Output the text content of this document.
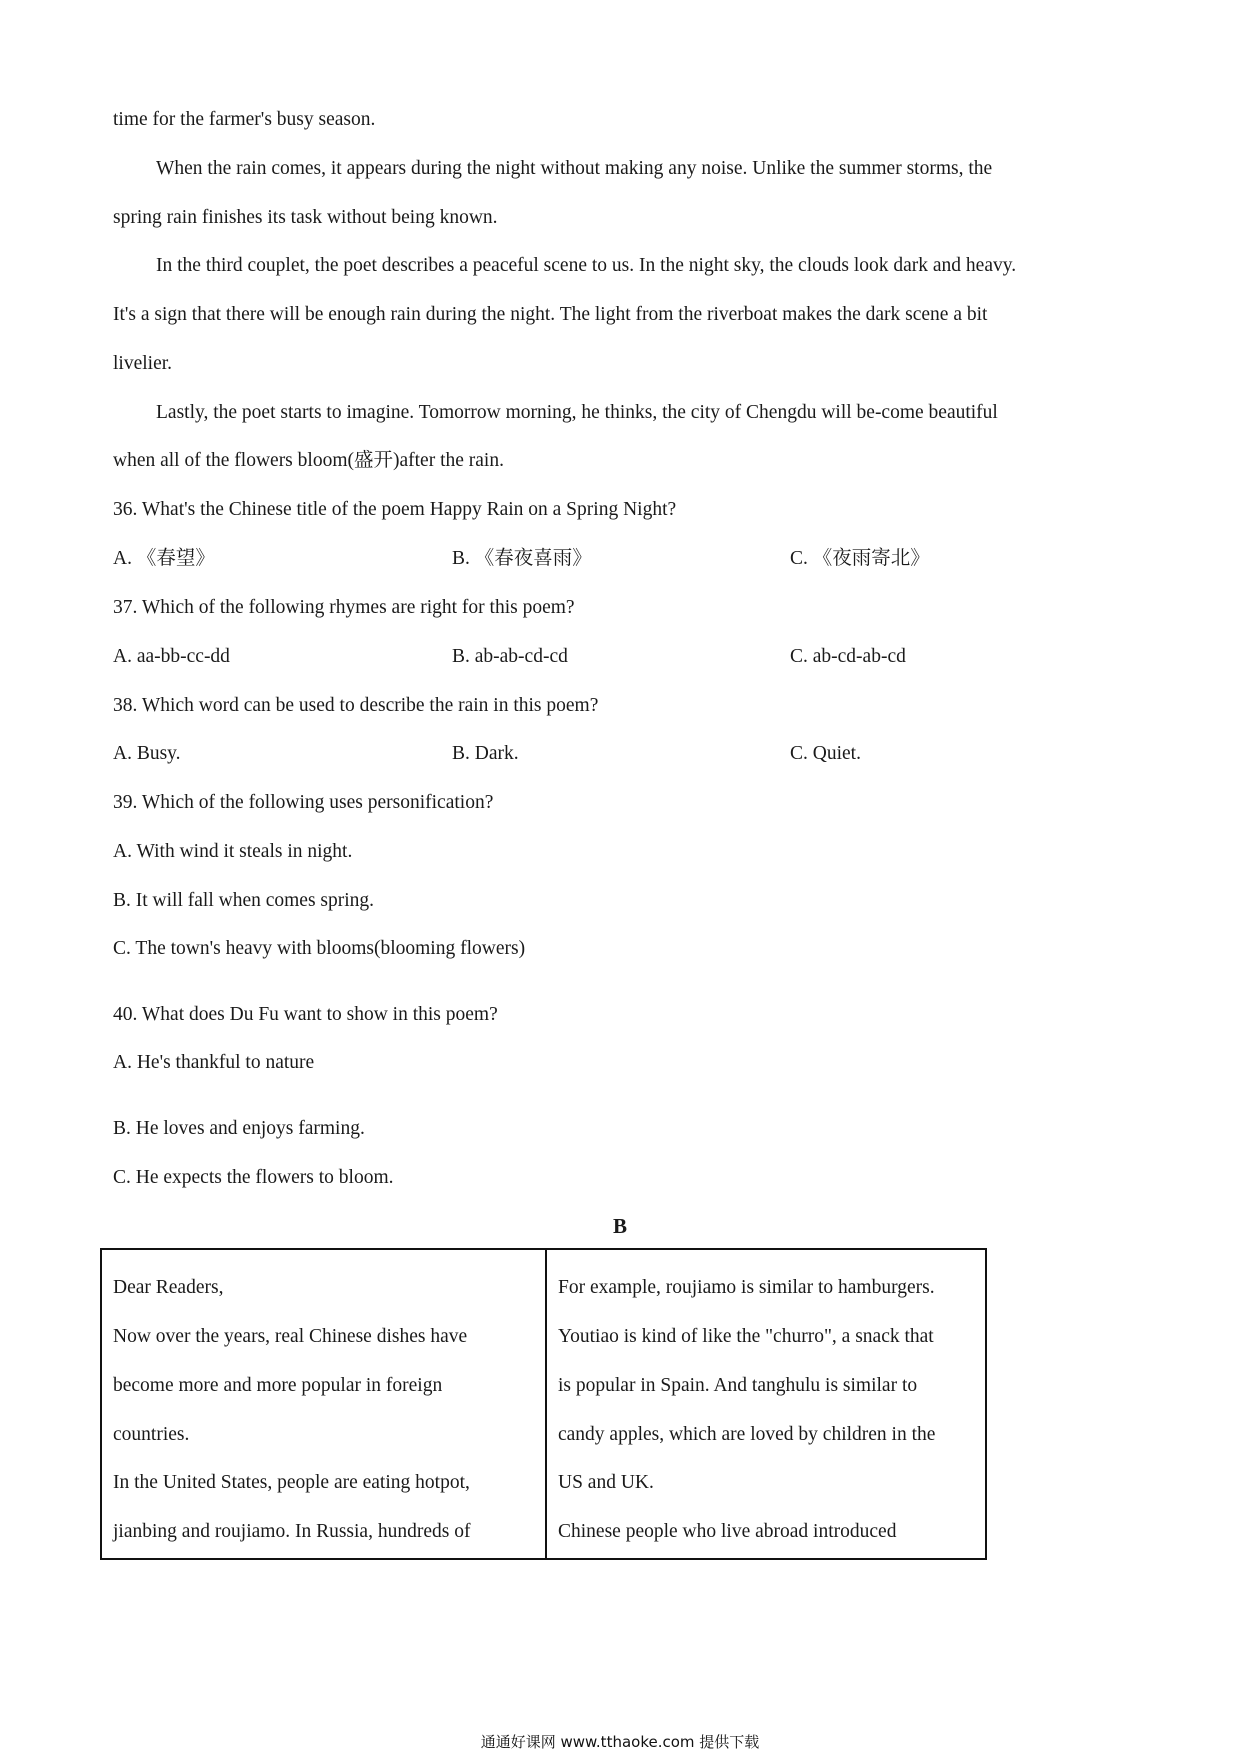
time for the farmer's busy season.
When the rain comes, it appears during the night without making any noise. Unlike the summer storms, the
spring rain finishes its task without being known.
In the third couplet, the poet describes a peaceful scene to us. In the night sky, the clouds look dark and heavy.
It's a sign that there will be enough rain during the night. The light from the riverboat makes the dark scene a bit
livelier.
Lastly, the poet starts to imagine. Tomorrow morning, he thinks, the city of Chengdu will be-come beautiful
when all of the flowers bloom(盛开)after the rain.
36. What's the Chinese title of the poem Happy Rain on a Spring Night?
A. 《春望》	B. 《春夜喜雨》	C. 《夜雨寄北》
37. Which of the following rhymes are right for this poem?
A. aa-bb-cc-dd	B. ab-ab-cd-cd	C. ab-cd-ab-cd
38. Which word can be used to describe the rain in this poem?
A. Busy.	B. Dark.	C. Quiet.
39. Which of the following uses personification?
A. With wind it steals in night.
B. It will fall when comes spring.
C. The town's heavy with blooms(blooming flowers)
40. What does Du Fu want to show in this poem?
A. He's thankful to nature
B. He loves and enjoys farming.
C. He expects the flowers to bloom.
B
Dear Readers,
Now over the years, real Chinese dishes have
become more and more popular in foreign
countries.
In the United States, people are eating hotpot,
jianbing and roujiamo. In Russia, hundreds of
For example, roujiamo is similar to hamburgers.
Youtiao is kind of like the "churro", a snack that
is popular in Spain. And tanghulu is similar to
candy apples, which are loved by children in the
US and UK.
Chinese people who live abroad introduced
通通好课网 www.tthaoke.com 提供下载
